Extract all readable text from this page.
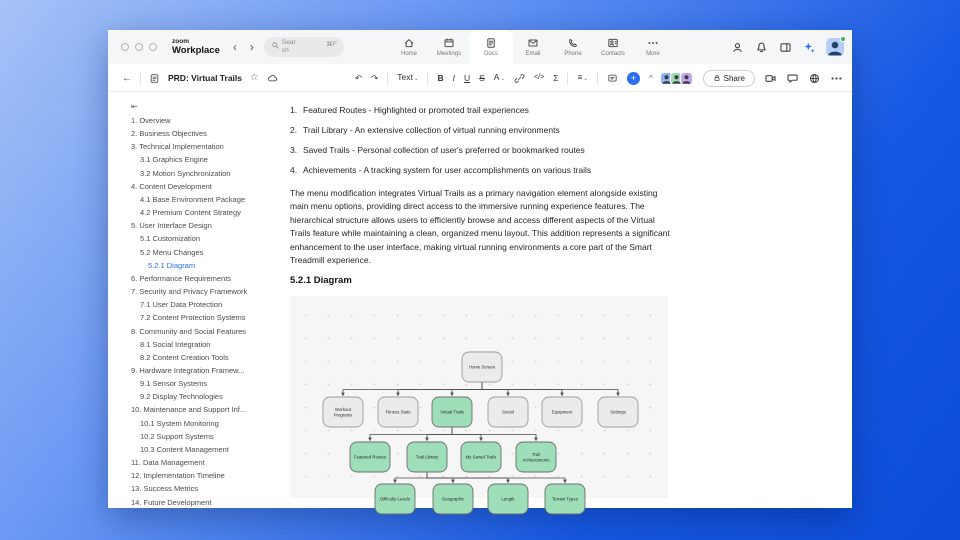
zoom
Workplace ‹ ›	Search
⌘F
Home	Meetings	Docs	Email	Phone	Contacts	More
←	PRD: Virtual Trails ☆	↶ ↷ Text⌄ B I U S A⌄	</> Σ ≡⌄	+	^	Share
⇤
1. Overview
2. Business Objectives
3. Technical Implementation
3.1 Graphics Engine
3.2 Motion Synchronization
4. Content Development
4.1 Base Environment Package
4.2 Premium Content Strategy
5. User Interface Design
5.1 Customization
5.2 Menu Changes
5.2.1 Diagram
6. Performance Requirements
7. Security and Privacy Framework
7.1 User Data Protection
7.2 Content Protection Systems
8. Community and Social Features
8.1 Social Integration
8.2 Content Creation Tools
9. Hardware Integration Framew...
9.1 Sensor Systems
9.2 Display Technologies
10. Maintenance and Support Inf...
10.1 System Monitoring
10.2 Support Systems
10.3 Content Management
11. Data Management
12. Implementation Timeline
13. Success Metrics
14. Future Development
1. Featured Routes - Highlighted or promoted trail experiences
2. Trail Library - An extensive collection of virtual running environments
3. Saved Trails - Personal collection of user's preferred or bookmarked routes
4. Achievements - A tracking system for user accomplishments on various trails
The menu modification integrates Virtual Trails as a primary navigation element alongside existing main menu options, providing direct access to the immersive running experience features. The hierarchical structure allows users to efficiently browse and access different aspects of the Virtual Trails feature while maintaining a clean, organized menu layout. This addition represents a significant enhancement to the user interface, making virtual running environments a core part of the Smart Treadmill experience.
5.2.1 Diagram
Home Screen
Workout
Programs
Fitness Stats	Virtual Trails	Social	Equipment	Settings
Featured Routes	Trail Library	My Saved Trails	Trail
Achievements
Difficulty Levels	Geographic	Length	Terrain Types
